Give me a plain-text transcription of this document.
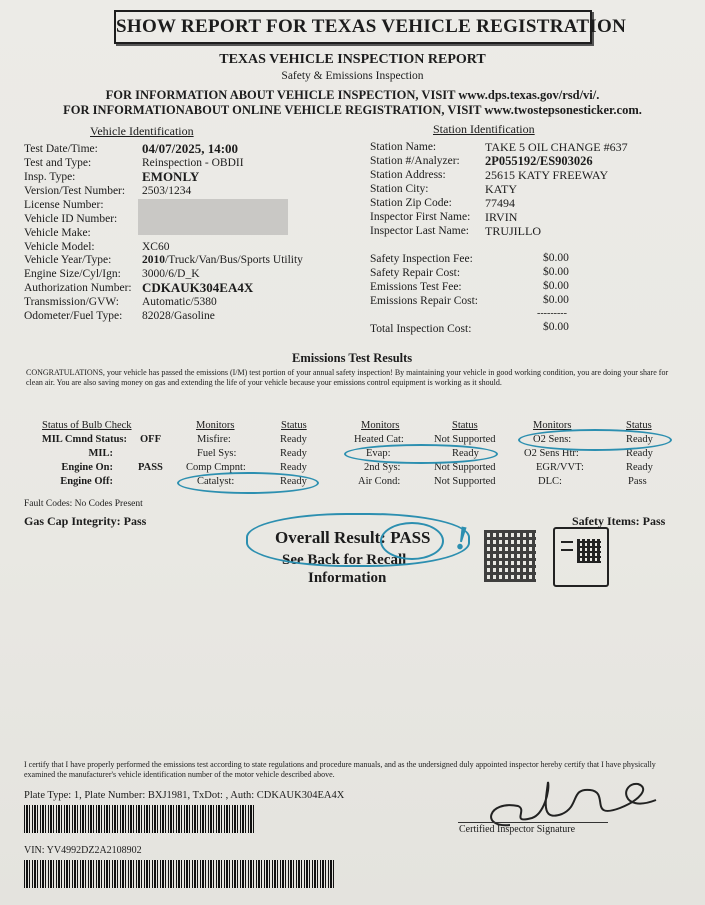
SHOW REPORT FOR TEXAS VEHICLE REGISTRATION
TEXAS VEHICLE INSPECTION REPORT
Safety & Emissions Inspection
FOR INFORMATION ABOUT VEHICLE INSPECTION, VISIT www.dps.texas.gov/rsd/vi/.
FOR INFORMATIONABOUT ONLINE VEHICLE REGISTRATION, VISIT www.twostepsonesticker.com.
Vehicle Identification	Station Identification
Test Date/Time:	04/07/2025, 14:00
Test and Type:	Reinspection - OBDII
Insp. Type:	EMONLY
Version/Test Number: 2503/1234
License Number:
Vehicle ID Number:
Vehicle Make:
Vehicle Model:	XC60
Vehicle Year/Type:	2010/Truck/Van/Bus/Sports Utility
Engine Size/Cyl/Ign: 3000/6/D_K
Authorization Number: CDKAUK304EA4X
Transmission/GVW: Automatic/5380
Odometer/Fuel Type: 82028/Gasoline
Station Name:	TAKE 5 OIL CHANGE #637
Station #/Analyzer: 2P055192/ES903026
Station Address:	25615 KATY FREEWAY
Station City:	KATY
Station Zip Code:	77494
Inspector First Name: IRVIN
Inspector Last Name: TRUJILLO
Safety Inspection Fee:	$0.00
Safety Repair Cost:	$0.00
Emissions Test Fee:	$0.00
Emissions Repair Cost:	$0.00
---------
Total Inspection Cost:	$0.00
Emissions Test Results
CONGRATULATIONS, your vehicle has passed the emissions (I/M) test portion of your annual safety inspection! By maintaining your vehicle in good working condition, you are doing your share for clean air. You are also saving money on gas and extending the life of your vehicle because your emissions control equipment is working as it should.
Status of Bulb Check
MIL Cmnd Status: OFF
MIL:
Engine On: PASS
Engine Off:
Monitors	Status
Misfire:	Ready
Fuel Sys:	Ready
Comp Cmpnt:	Ready
Catalyst:	Ready
Monitors	Status
Heated Cat:	Not Supported
Evap:	Ready
2nd Sys:	Not Supported
Air Cond:	Not Supported
Monitors	Status
O2 Sens:	Ready
O2 Sens Htr:	Ready
EGR/VVT:	Ready
DLC:	Pass
Fault Codes: No Codes Present
Gas Cap Integrity: Pass	Safety Items: Pass
Overall Result: PASS
See Back for Recall
Information
!
I certify that I have properly performed the emissions test according to state regulations and procedure manuals, and as the undersigned duly appointed inspector hereby certify that I have physically examined the manufacturer's vehicle identification number of the motor vehicle described above.
Plate Type: 1, Plate Number: BXJ1981, TxDot: , Auth: CDKAUK304EA4X
VIN: YV4992DZ2A2108902
Certified Inspector Signature
